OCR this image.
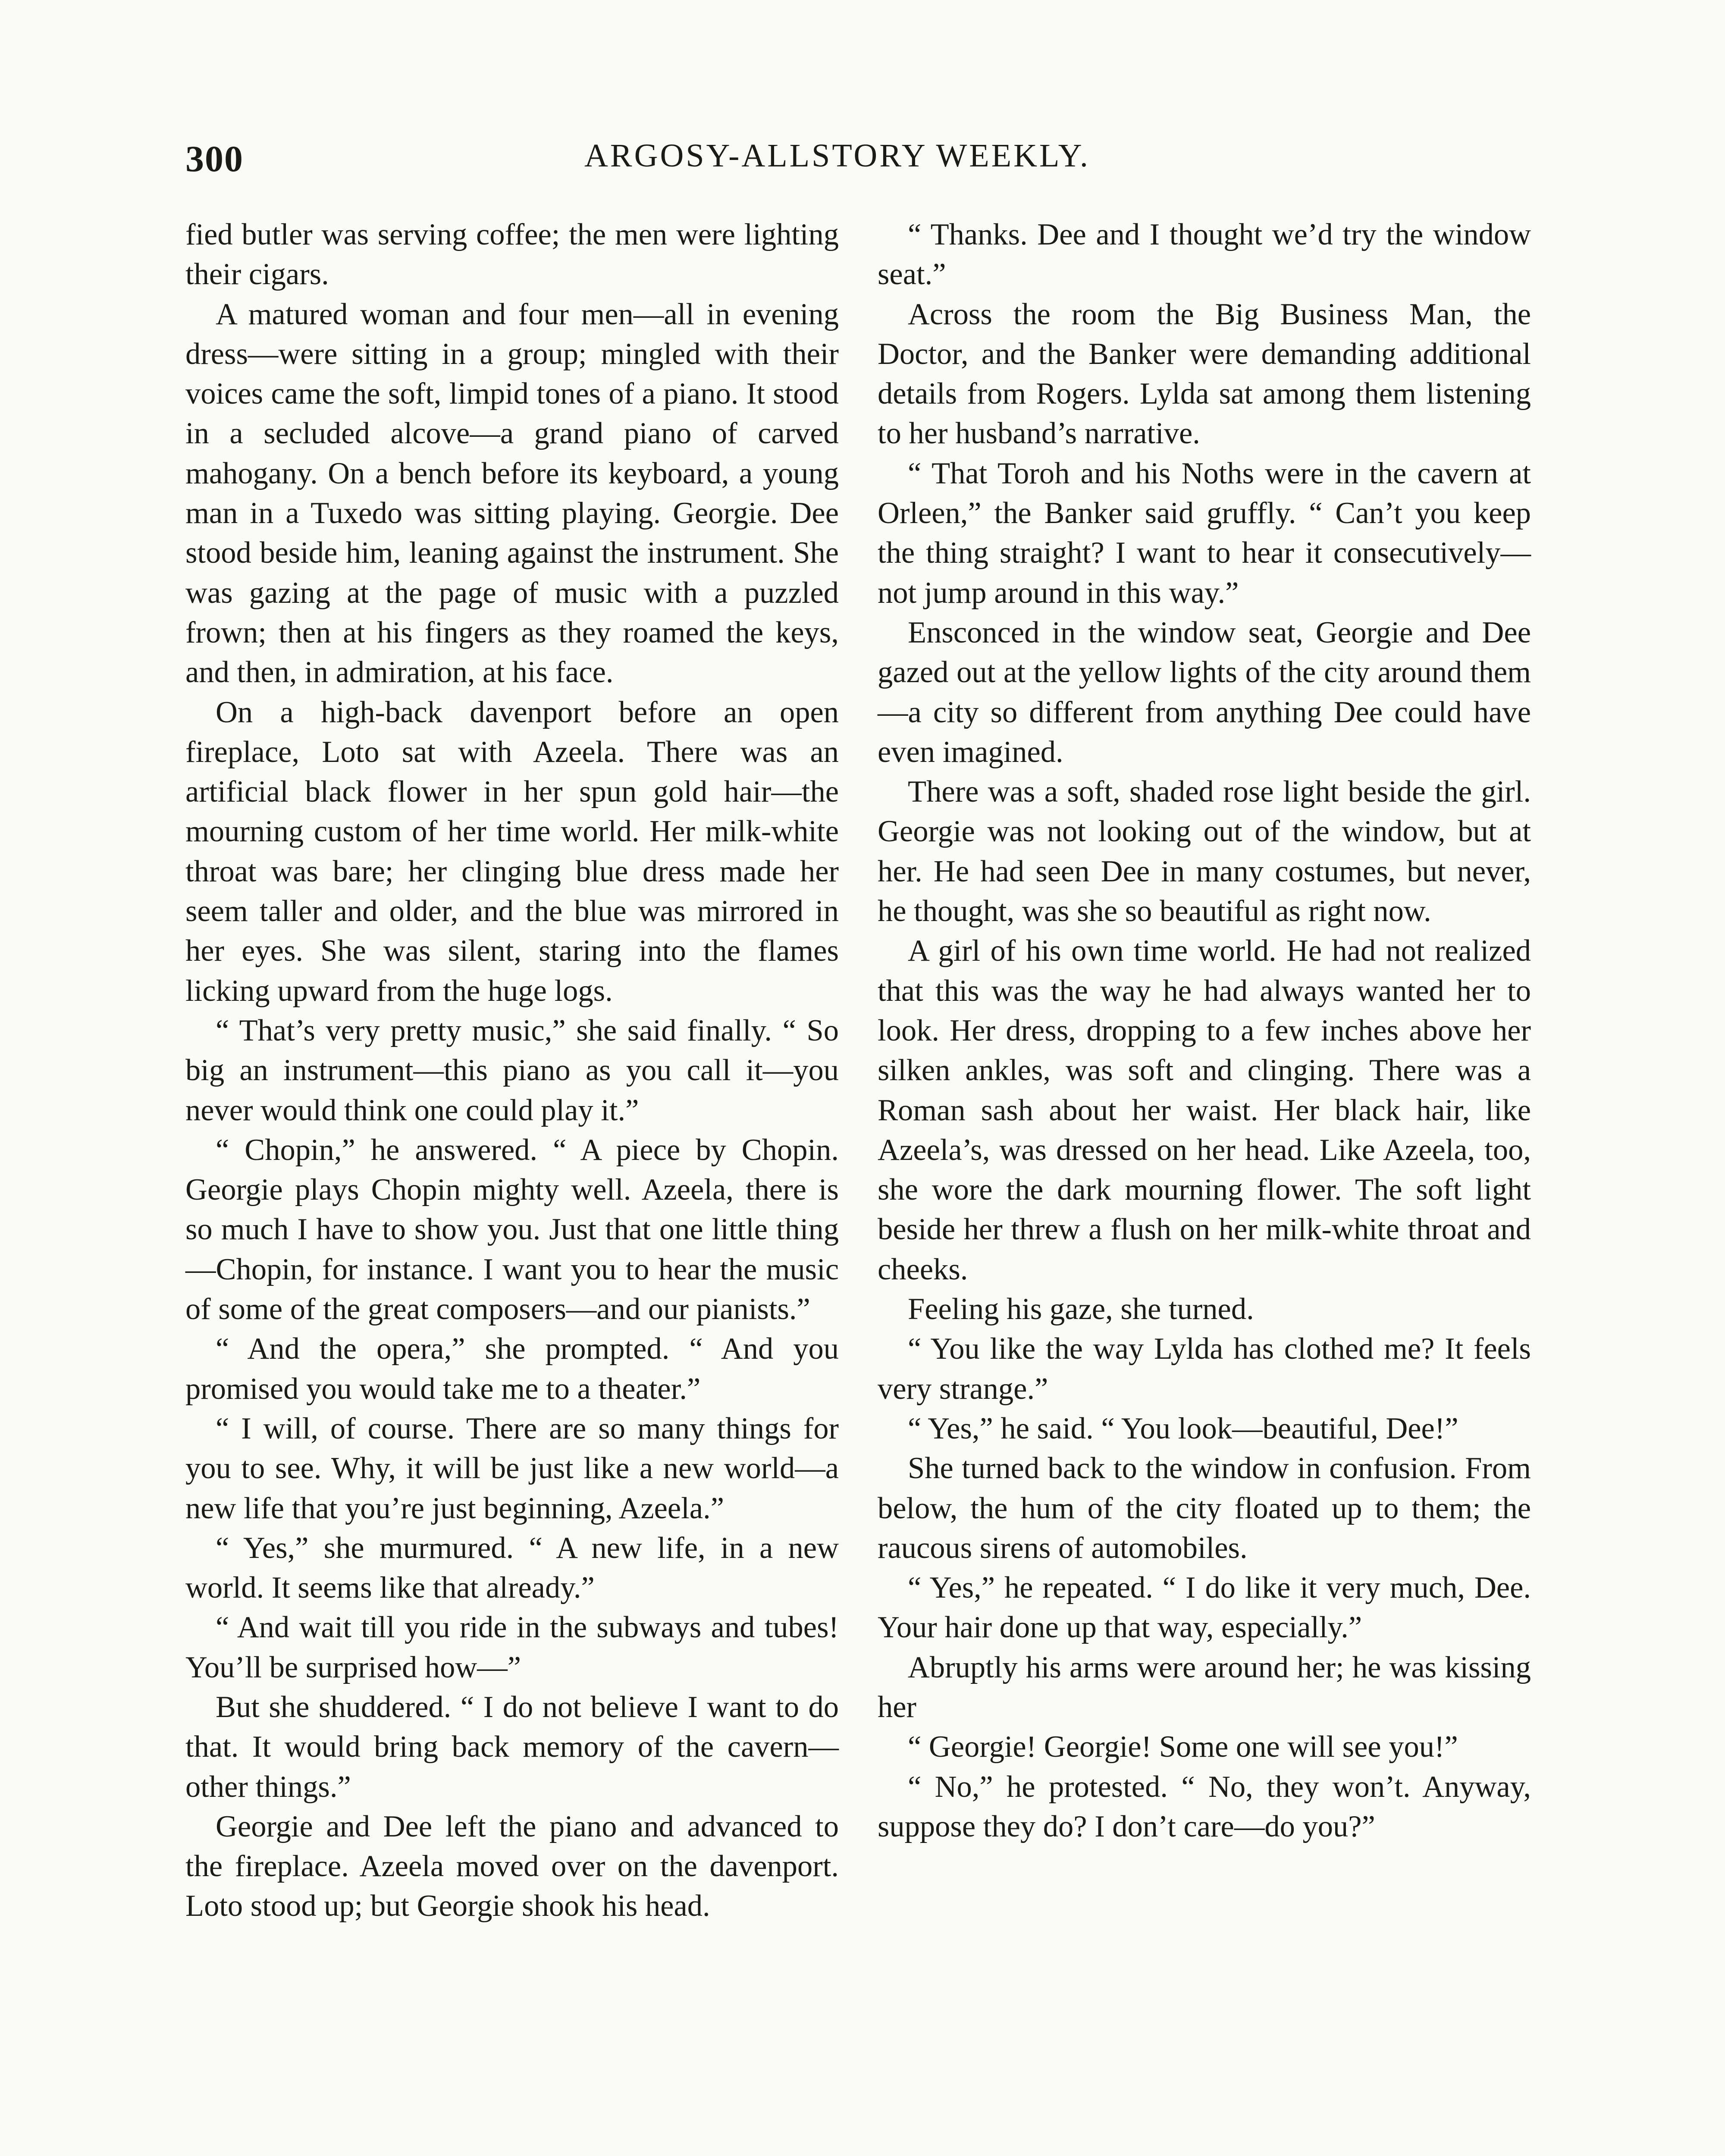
300	ARGOSY-ALLSTORY WEEKLY.

fied butler was serving coffee; the men were lighting their cigars.

A matured woman and four men—all in evening dress—were sitting in a group; mingled with their voices came the soft, limpid tones of a piano. It stood in a secluded alcove—a grand piano of carved mahogany. On a bench before its keyboard, a young man in a Tuxedo was sitting playing. Georgie. Dee stood beside him, leaning against the instrument. She was gazing at the page of music with a puzzled frown; then at his fingers as they roamed the keys, and then, in admiration, at his face.

On a high-back davenport before an open fireplace, Loto sat with Azeela. There was an artificial black flower in her spun gold hair—the mourning custom of her time world. Her milk-white throat was bare; her clinging blue dress made her seem taller and older, and the blue was mirrored in her eyes. She was silent, staring into the flames licking upward from the huge logs.

“ That’s very pretty music,” she said finally. “ So big an instrument—this piano as you call it—you never would think one could play it.”

“ Chopin,” he answered. “ A piece by Chopin. Georgie plays Chopin mighty well. Azeela, there is so much I have to show you. Just that one little thing—Chopin, for instance. I want you to hear the music of some of the great composers—and our pianists.”

“ And the opera,” she prompted. “ And you promised you would take me to a theater.”

“ I will, of course. There are so many things for you to see. Why, it will be just like a new world—a new life that you’re just beginning, Azeela.”

“ Yes,” she murmured. “ A new life, in a new world. It seems like that already.”

“ And wait till you ride in the subways and tubes! You’ll be surprised how—”

But she shuddered. “ I do not believe I want to do that. It would bring back memory of the cavern—other things.”

Georgie and Dee left the piano and advanced to the fireplace. Azeela moved over on the davenport. Loto stood up; but Georgie shook his head.

“ Thanks. Dee and I thought we’d try the window seat.”

Across the room the Big Business Man, the Doctor, and the Banker were demanding additional details from Rogers. Lylda sat among them listening to her husband’s narrative.

“ That Toroh and his Noths were in the cavern at Orleen,” the Banker said gruffly. “ Can’t you keep the thing straight? I want to hear it consecutively—not jump around in this way.”

Ensconced in the window seat, Georgie and Dee gazed out at the yellow lights of the city around them—a city so different from anything Dee could have even imagined.

There was a soft, shaded rose light beside the girl. Georgie was not looking out of the window, but at her. He had seen Dee in many costumes, but never, he thought, was she so beautiful as right now.

A girl of his own time world. He had not realized that this was the way he had always wanted her to look. Her dress, dropping to a few inches above her silken ankles, was soft and clinging. There was a Roman sash about her waist. Her black hair, like Azeela’s, was dressed on her head. Like Azeela, too, she wore the dark mourning flower. The soft light beside her threw a flush on her milk-white throat and cheeks.

Feeling his gaze, she turned.

“ You like the way Lylda has clothed me? It feels very strange.”

“ Yes,” he said. “ You look—beautiful, Dee!”

She turned back to the window in confusion. From below, the hum of the city floated up to them; the raucous sirens of automobiles.

“ Yes,” he repeated. “ I do like it very much, Dee. Your hair done up that way, especially.”

Abruptly his arms were around her; he was kissing her

“ Georgie! Georgie! Some one will see you!”

“ No,” he protested. “ No, they won’t. Anyway, suppose they do? I don’t care—do you?”
